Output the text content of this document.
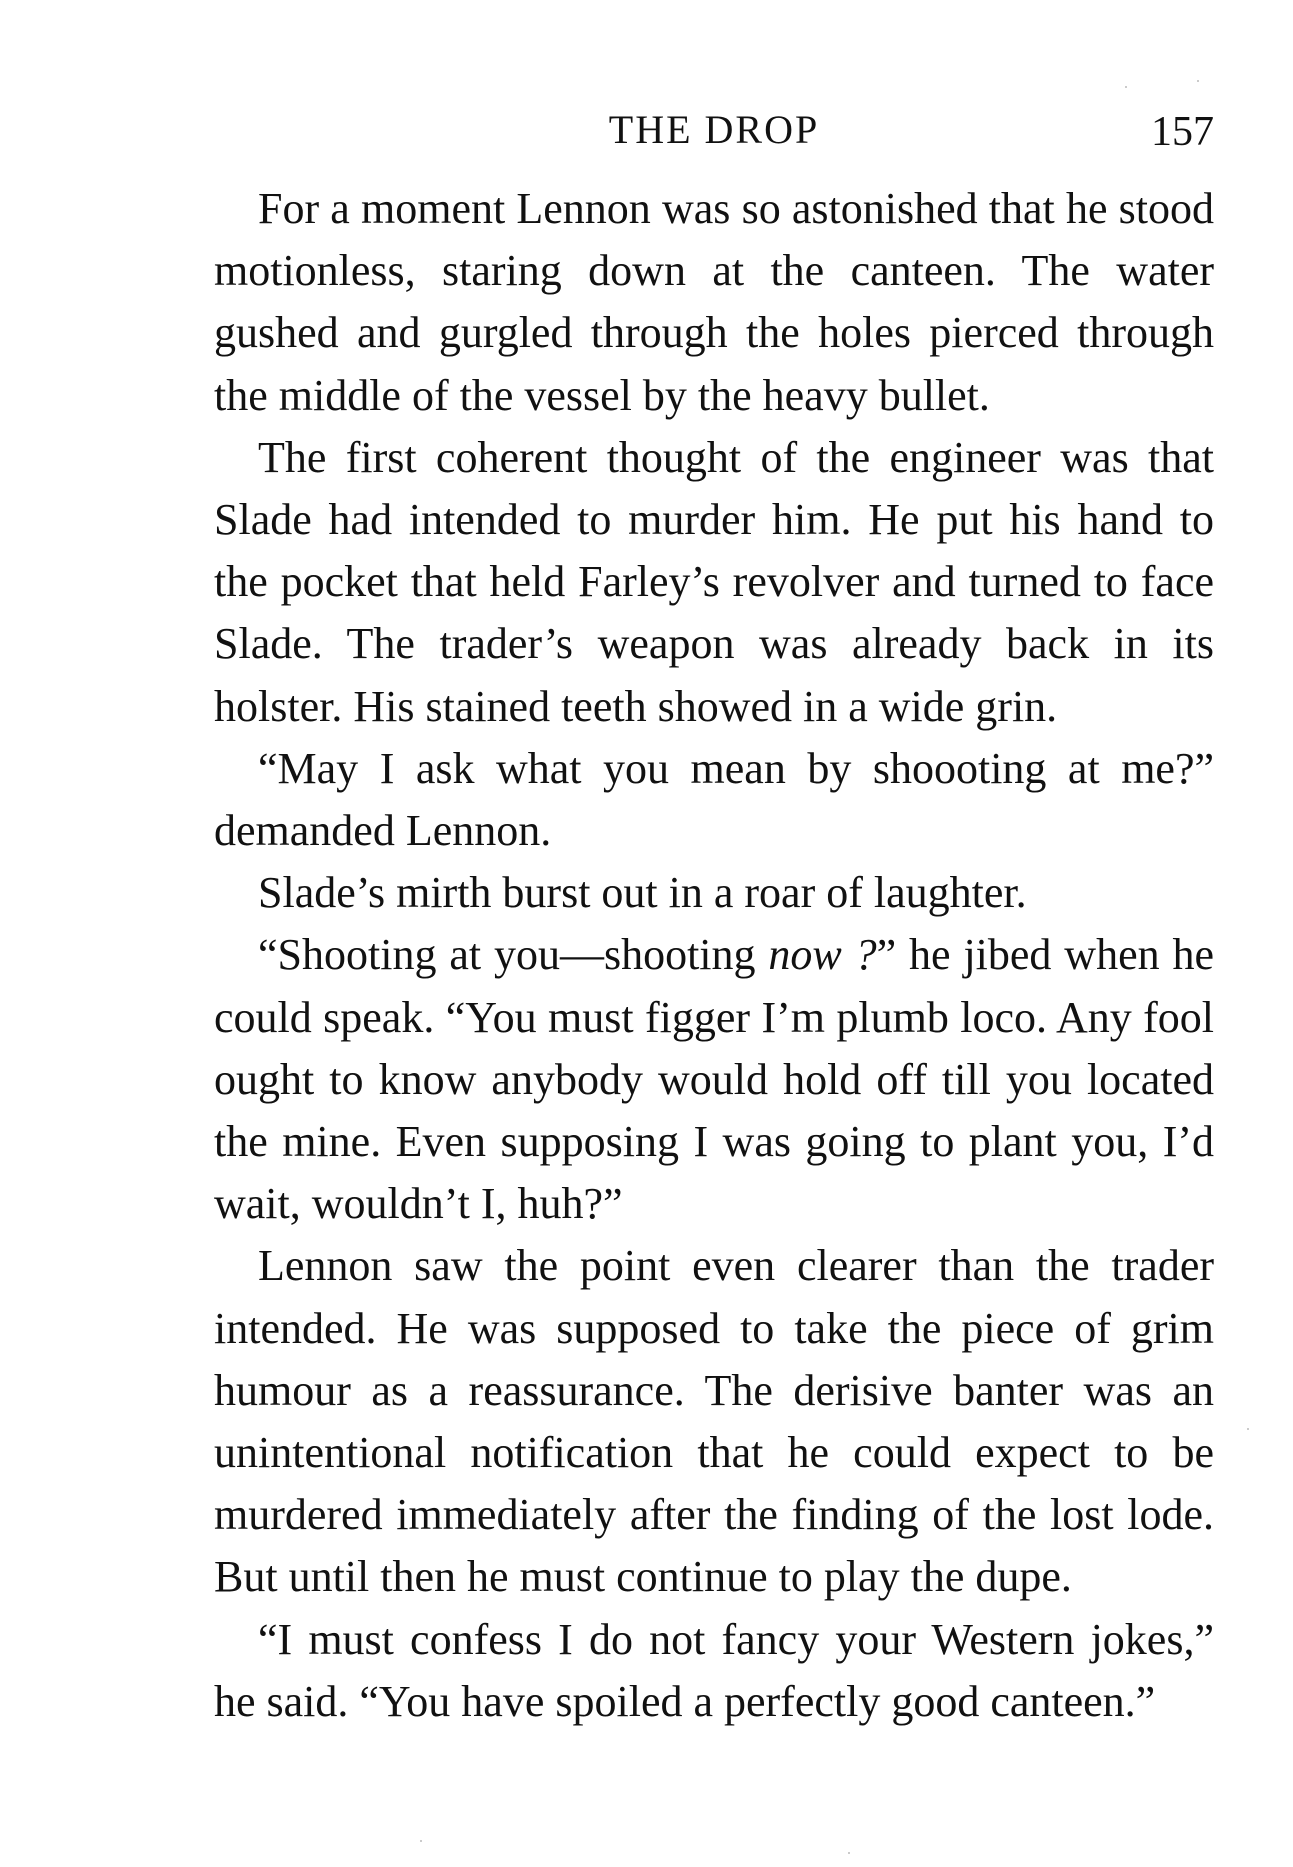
THE DROP	157

For a moment Lennon was so astonished that he stood motionless, staring down at the canteen. The water gushed and gurgled through the holes pierced through the middle of the vessel by the heavy bullet.

The first coherent thought of the engineer was that Slade had intended to murder him. He put his hand to the pocket that held Farley’s revolver and turned to face Slade. The trader’s weapon was already back in its holster. His stained teeth showed in a wide grin.

“May I ask what you mean by shoooting at me?” demanded Lennon.

Slade’s mirth burst out in a roar of laughter.

“Shooting at you—shooting now ?” he jibed when he could speak. “You must figger I’m plumb loco. Any fool ought to know anybody would hold off till you located the mine. Even supposing I was going to plant you, I’d wait, wouldn’t I, huh?”

Lennon saw the point even clearer than the trader intended. He was supposed to take the piece of grim humour as a reassurance. The derisive banter was an unintentional notification that he could expect to be murdered immediately after the finding of the lost lode. But until then he must continue to play the dupe.

“I must confess I do not fancy your Western jokes,” he said. “You have spoiled a perfectly good canteen.”
